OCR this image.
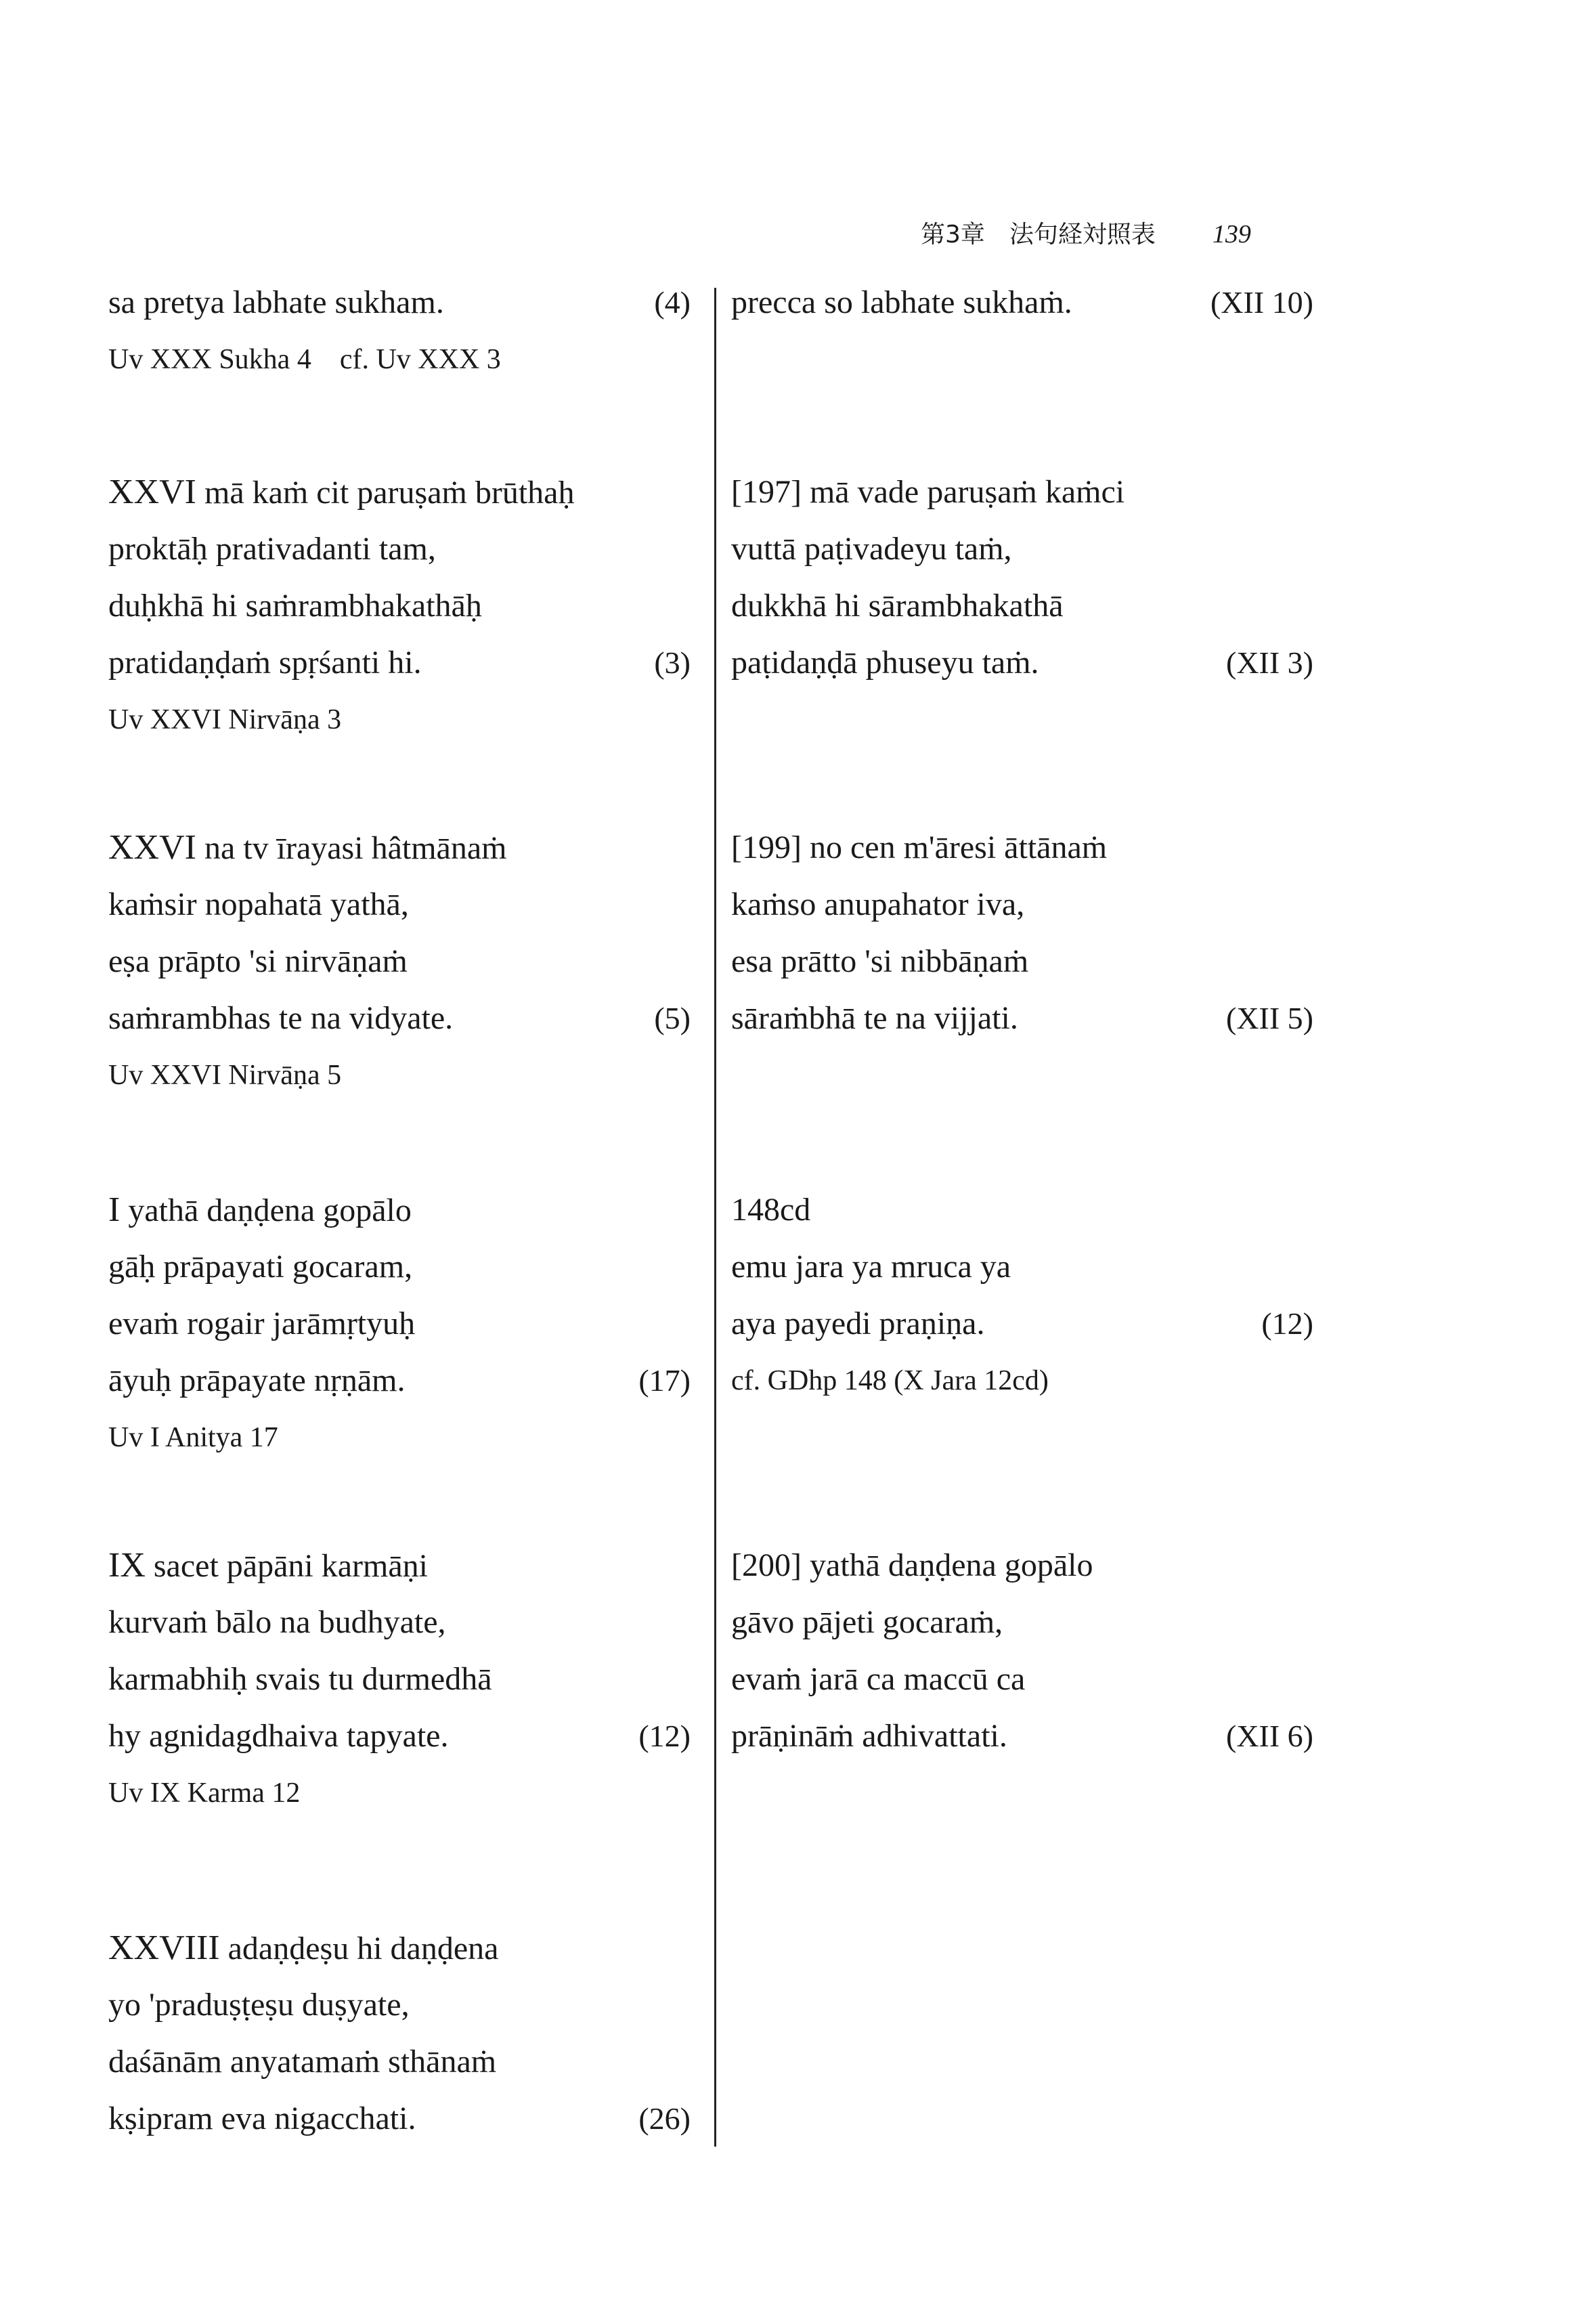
第3章　法句経対照表 139
sa pretya labhate sukham.	(4)
Uv XXX Sukha 4　cf. Uv XXX 3
XXVI mā kaṁ cit paruṣaṁ brūthaḥ
proktāḥ prativadanti tam,
duḥkhā hi saṁrambhakathāḥ
pratidaṇḍaṁ spṛśanti hi.	(3)
Uv XXVI Nirvāṇa 3
XXVI na tv īrayasi hâtmānaṁ
kaṁsir nopahatā yathā,
eṣa prāpto 'si nirvāṇaṁ
saṁrambhas te na vidyate.	(5)
Uv XXVI Nirvāṇa 5
I yathā daṇḍena gopālo
gāḥ prāpayati gocaram,
evaṁ rogair jarāmṛtyuḥ
āyuḥ prāpayate nṛṇām.	(17)
Uv I Anitya 17
IX sacet pāpāni karmāṇi
kurvaṁ bālo na budhyate,
karmabhiḥ svais tu durmedhā
hy agnidagdhaiva tapyate.	(12)
Uv IX Karma 12
XXVIII adaṇḍeṣu hi daṇḍena
yo 'praduṣṭeṣu duṣyate,
daśānām anyatamaṁ sthānaṁ
kṣipram eva nigacchati.	(26)
precca so labhate sukhaṁ.	(XII 10)
[197] mā vade paruṣaṁ kaṁci
vuttā paṭivadeyu taṁ,
dukkhā hi sārambhakathā
paṭidaṇḍā phuseyu taṁ.	(XII 3)
[199] no cen m'āresi āttānaṁ
kaṁso anupahator iva,
esa prātto 'si nibbāṇaṁ
sāraṁbhā te na vijjati.	(XII 5)
148cd
emu jara ya mruca ya
aya payedi praṇiṇa.	(12)
cf. GDhp 148 (X Jara 12cd)
[200] yathā daṇḍena gopālo
gāvo pājeti gocaraṁ,
evaṁ jarā ca maccū ca
prāṇināṁ adhivattati.	(XII 6)
